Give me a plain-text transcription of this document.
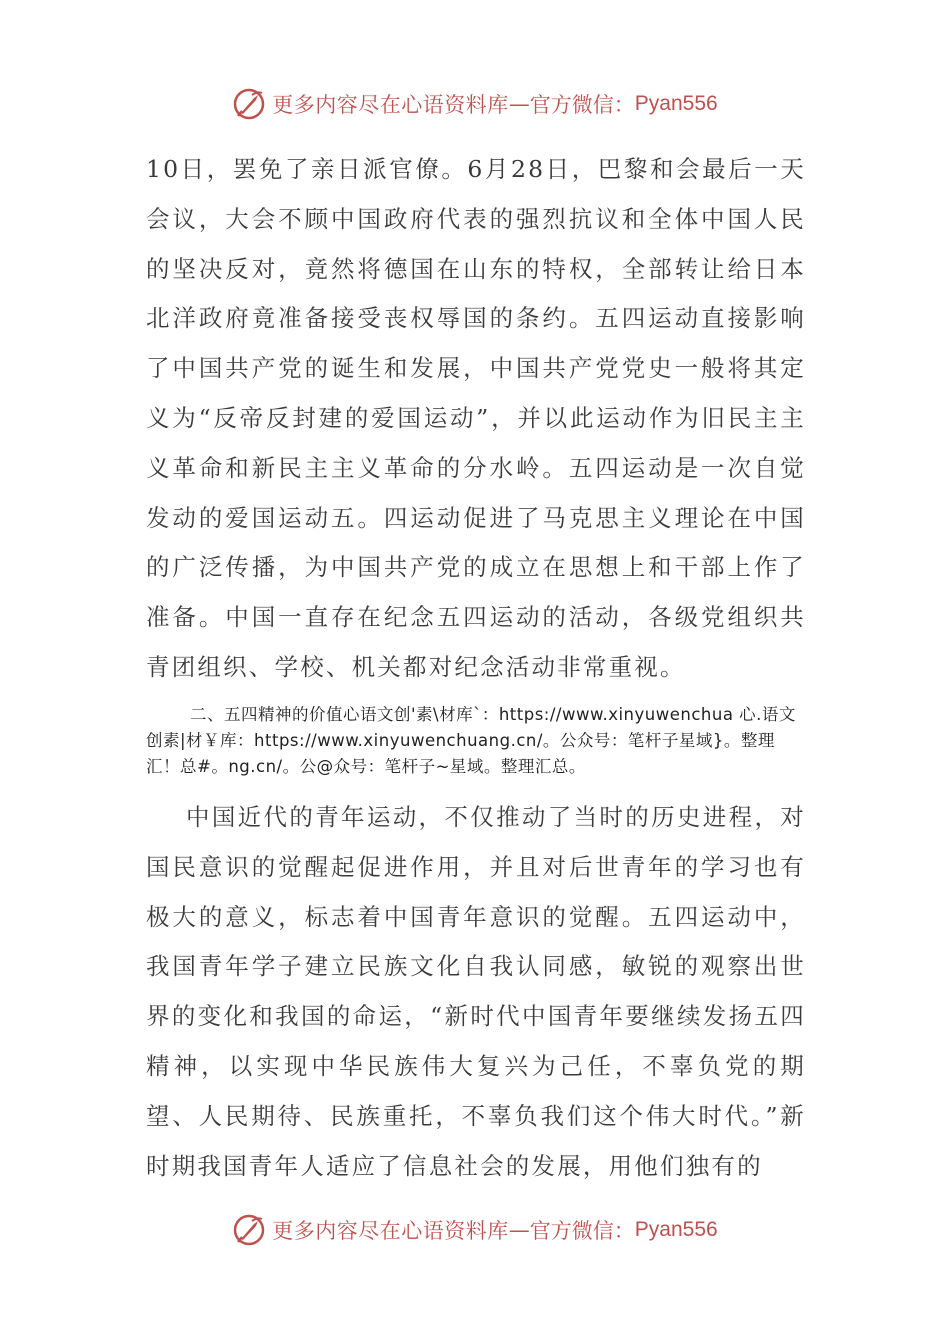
更多内容尽在心语资料库 — 官方微信： Pyan556

10日，罢免了亲日派官僚。6月28日，巴黎和会最后一天会议，大会不顾中国政府代表的强烈抗议和全体中国人民的坚决反对，竟然将德国在山东的特权，全部转让给日本北洋政府竟准备接受丧权辱国的条约。五四运动直接影响了中国共产党的诞生和发展，中国共产党党史一般将其定义为“反帝反封建的爱国运动”，并以此运动作为旧民主主义革命和新民主主义革命的分水岭。五四运动是一次自觉发动的爱国运动五。四运动促进了马克思主义理论在中国的广泛传播，为中国共产党的成立在思想上和干部上作了准备。中国一直存在纪念五四运动的活动，各级党组织共青团组织、学校、机关都对纪念活动非常重视。

二、五四精神的价值心语文创'素\材库`：https://www.xinyuwenchua 心.语文创素|材￥库：https://www.xinyuwenchuang.cn/。公众号：笔杆子星域}。整理汇！总#。ng.cn/。公@众号：笔杆子~星域。整理汇总。

中国近代的青年运动，不仅推动了当时的历史进程，对国民意识的觉醒起促进作用，并且对后世青年的学习也有极大的意义，标志着中国青年意识的觉醒。五四运动中，我国青年学子建立民族文化自我认同感，敏锐的观察出世界的变化和我国的命运，“新时代中国青年要继续发扬五四精神，以实现中华民族伟大复兴为己任，不辜负党的期望、人民期待、民族重托，不辜负我们这个伟大时代。”新时期我国青年人适应了信息社会的发展，用他们独有的

更多内容尽在心语资料库 — 官方微信： Pyan556
